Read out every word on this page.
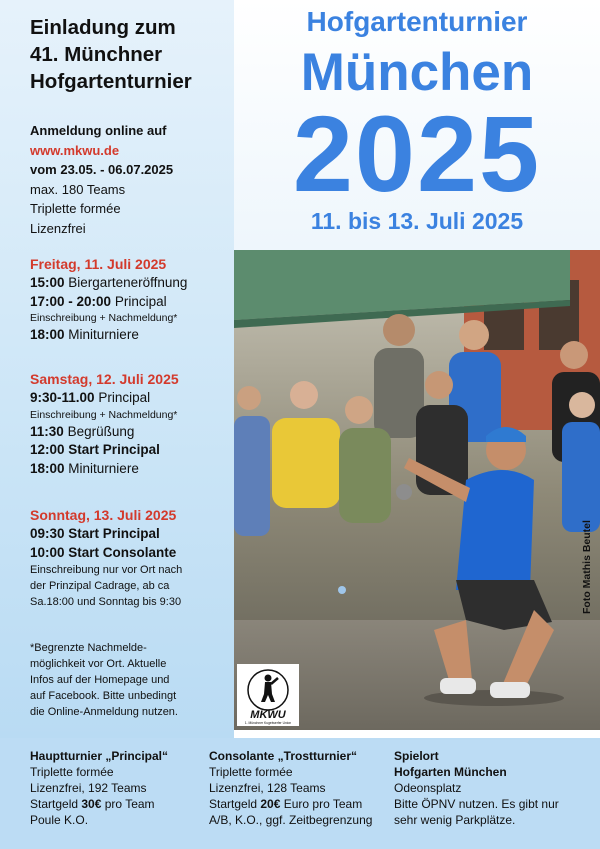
Einladung zum
41. Münchner
Hofgartenturnier
Anmeldung online auf
www.mkwu.de
vom 23.05. - 06.07.2025
max. 180 Teams
Triplette formée
Lizenzfrei
Freitag, 11. Juli 2025
15:00 Biergarteneröffnung
17:00 - 20:00 Principal
Einschreibung + Nachmeldung*
18:00 Miniturniere
Samstag, 12. Juli 2025
9:30-11.00 Principal
Einschreibung + Nachmeldung*
11:30 Begrüßung
12:00 Start Principal
18:00 Miniturniere
Sonntag, 13. Juli 2025
09:30 Start Principal
10:00 Start Consolante
Einschreibung nur vor Ort nach
der Prinzipal Cadrage, ab ca
Sa.18:00 und Sonntag bis 9:30
*Begrenzte Nachmelde-
möglichkeit vor Ort. Aktuelle
Infos auf der Homepage und
auf Facebook. Bitte unbedingt
die Online-Anmeldung nutzen.
Hofgartenturnier
München
2025
11. bis 13. Juli 2025
MKWU
1. Münchner Kugelwerfer Union
Foto Mathis Beutel
Hauptturnier „Principal“
Triplette formée
Lizenzfrei, 192 Teams
Startgeld 30€ pro Team
Poule K.O.
Consolante „Trostturnier“
Triplette formée
Lizenzfrei, 128 Teams
Startgeld 20€ Euro pro Team
A/B, K.O., ggf. Zeitbegrenzung
Spielort
Hofgarten München
Odeonsplatz
Bitte ÖPNV nutzen. Es gibt nur
sehr wenig Parkplätze.
